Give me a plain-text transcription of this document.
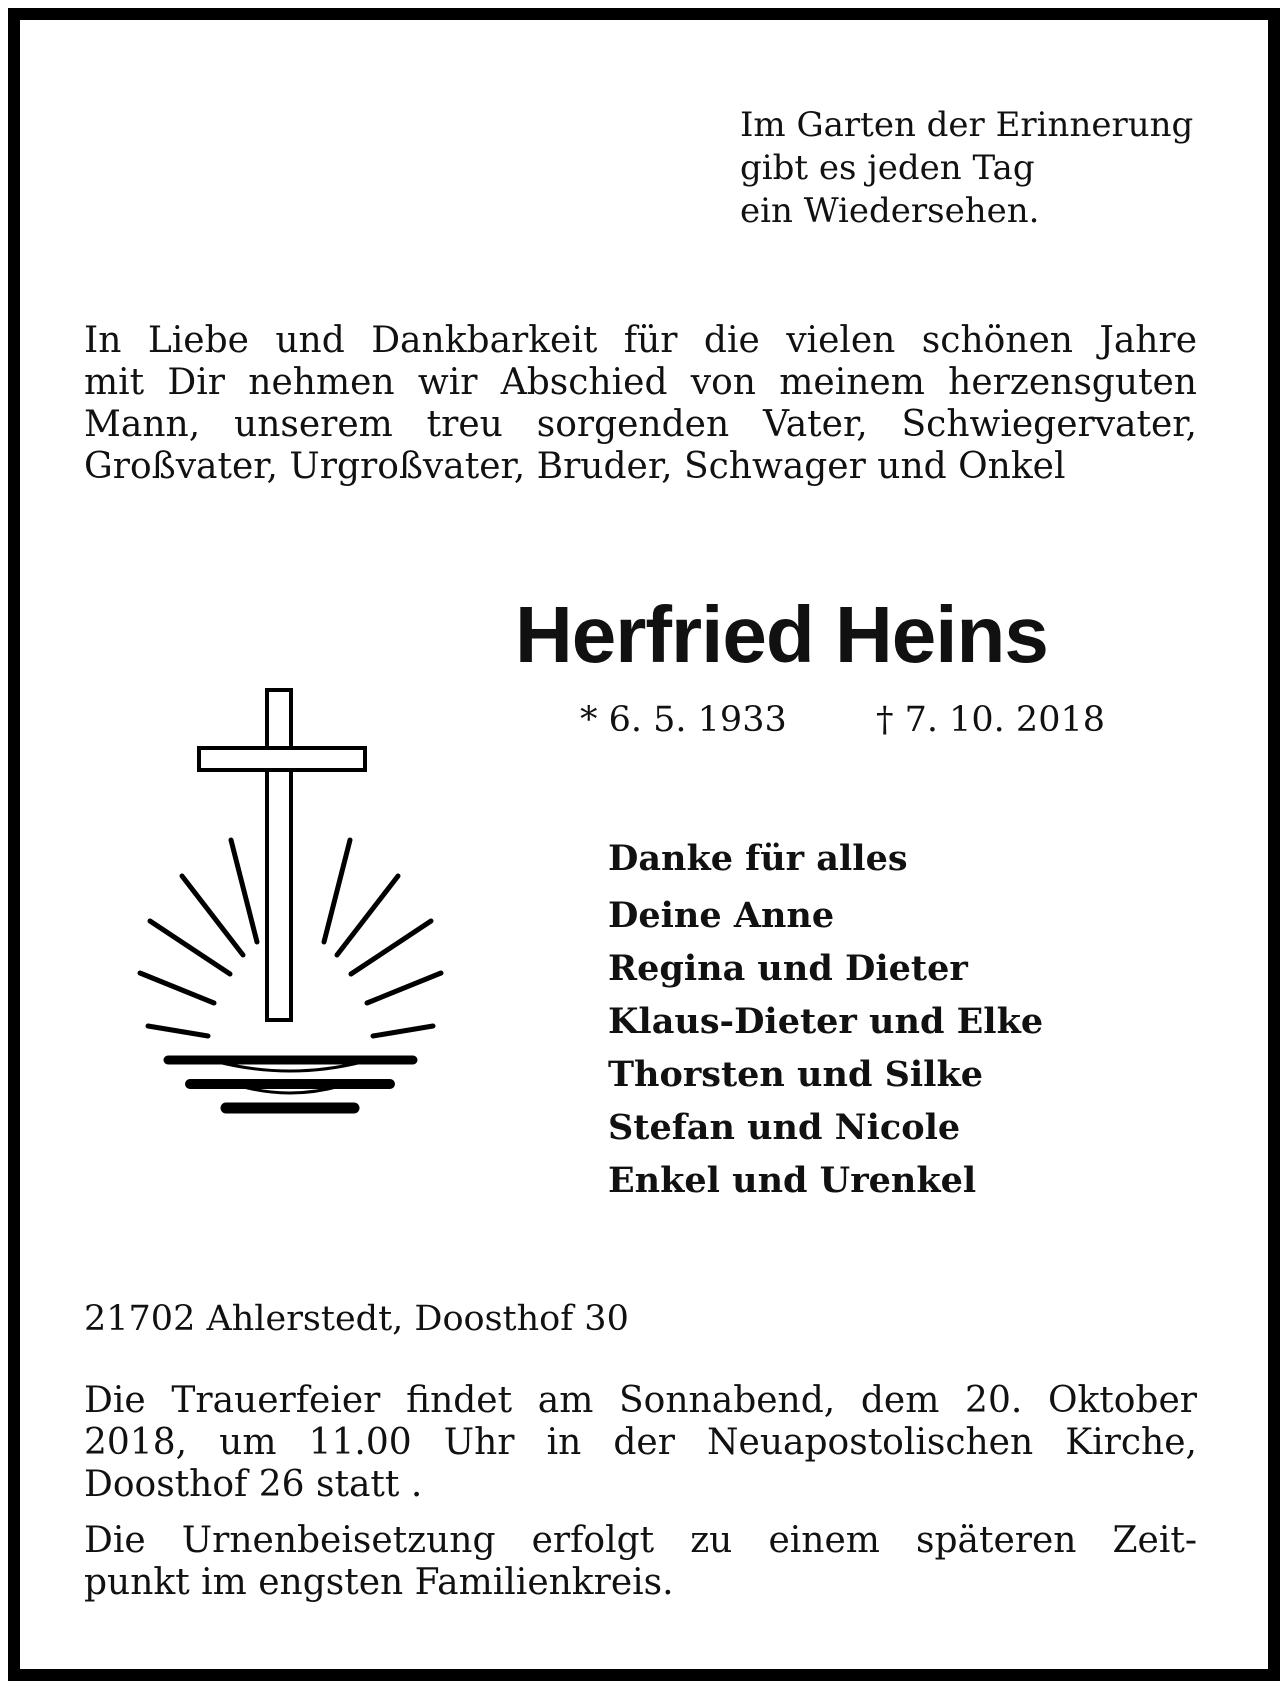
Im Garten der Erinnerung
gibt es jeden Tag
ein Wiedersehen.
In Liebe und Dankbarkeit für die vielen schönen Jahre
mit Dir nehmen wir Abschied von meinem herzensguten
Mann, unserem treu sorgenden Vater, Schwiegervater,
Großvater, Urgroßvater, Bruder, Schwager und Onkel
Herfried Heins
* 6. 5. 1933	† 7. 10. 2018
Danke für alles
Deine Anne
Regina und Dieter
Klaus-Dieter und Elke
Thorsten und Silke
Stefan und Nicole
Enkel und Urenkel
21702 Ahlerstedt, Doosthof 30
Die Trauerfeier findet am Sonnabend, dem 20. Oktober
2018, um 11.00 Uhr in der Neuapostolischen Kirche,
Doosthof 26 statt .
Die Urnenbeisetzung erfolgt zu einem späteren Zeit-
punkt im engsten Familienkreis.
